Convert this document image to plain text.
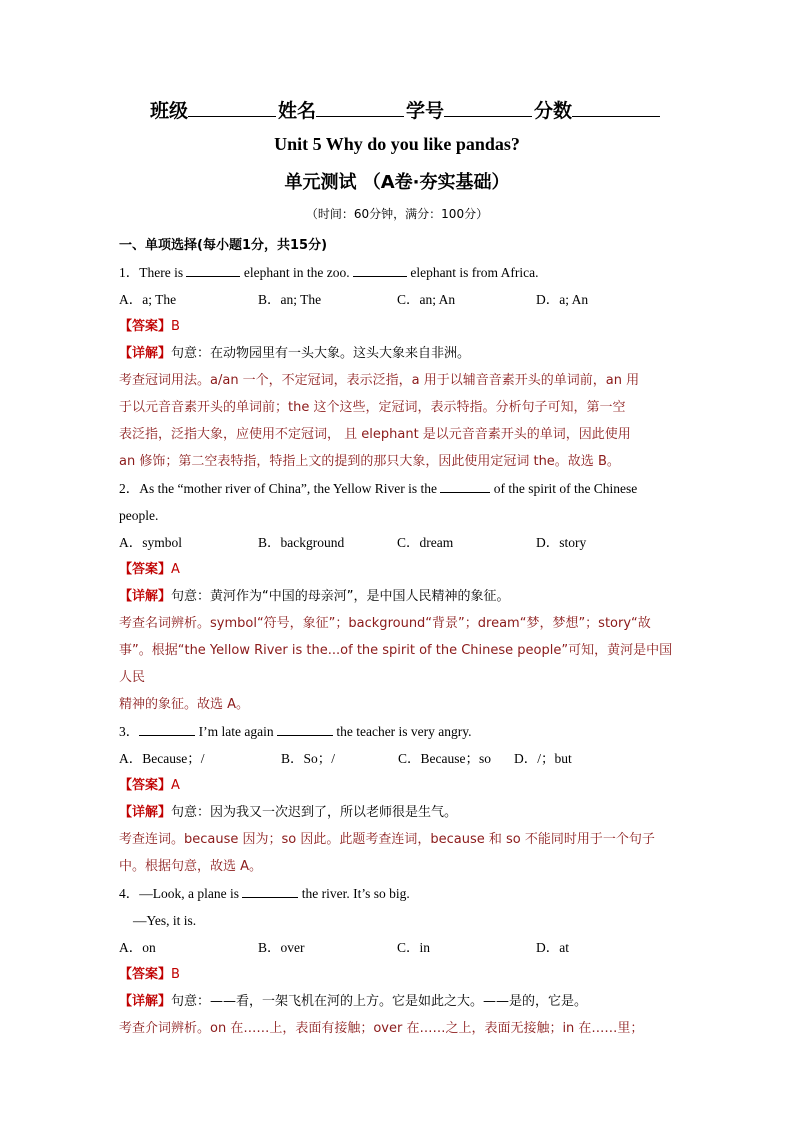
班级	姓名	学号	分数
Unit 5 Why do you like pandas?
单元测试 （A卷·夯实基础）
（时间：60分钟，满分：100分）
一、单项选择(每小题1分，共15分)
1．There is	elephant in the zoo.	elephant is from Africa.
A．a; The	B．an; The	C．an; An	D．a; An
【答案】B
【详解】句意：在动物园里有一头大象。这头大象来自非洲。
考查冠词用法。a/an 一个，不定冠词，表示泛指，a 用于以辅音音素开头的单词前，an 用
于以元音音素开头的单词前；the 这个这些，定冠词，表示特指。分析句子可知，第一空
表泛指，泛指大象，应使用不定冠词， 且 elephant 是以元音音素开头的单词，因此使用
an 修饰；第二空表特指，特指上文的提到的那只大象，因此使用定冠词 the。故选 B。
2．As the “mother river of China”, the Yellow River is the	of the spirit of the Chinese
people.
A．symbol	B．background	C．dream	D．story
【答案】A
【详解】句意：黄河作为“中国的母亲河”，是中国人民精神的象征。
考查名词辨析。symbol“符号，象征”；background“背景”；dream“梦，梦想”；story“故
事”。根据“the Yellow River is the...of the spirit of the Chinese people”可知，黄河是中国人民
精神的象征。故选 A。
3．	I’m late again	the teacher is very angry.
A．Because；/	B．So；/	C．Because；so	D．/；but
【答案】A
【详解】句意：因为我又一次迟到了，所以老师很是生气。
考查连词。because 因为；so 因此。此题考查连词，because 和 so 不能同时用于一个句子
中。根据句意，故选 A。
4．—Look, a plane is	the river. It’s so big.
—Yes, it is.
A．on	B．over	C．in	D．at
【答案】B
【详解】句意：——看，一架飞机在河的上方。它是如此之大。——是的，它是。
考查介词辨析。on 在……上，表面有接触；over 在……之上，表面无接触；in 在……里；
